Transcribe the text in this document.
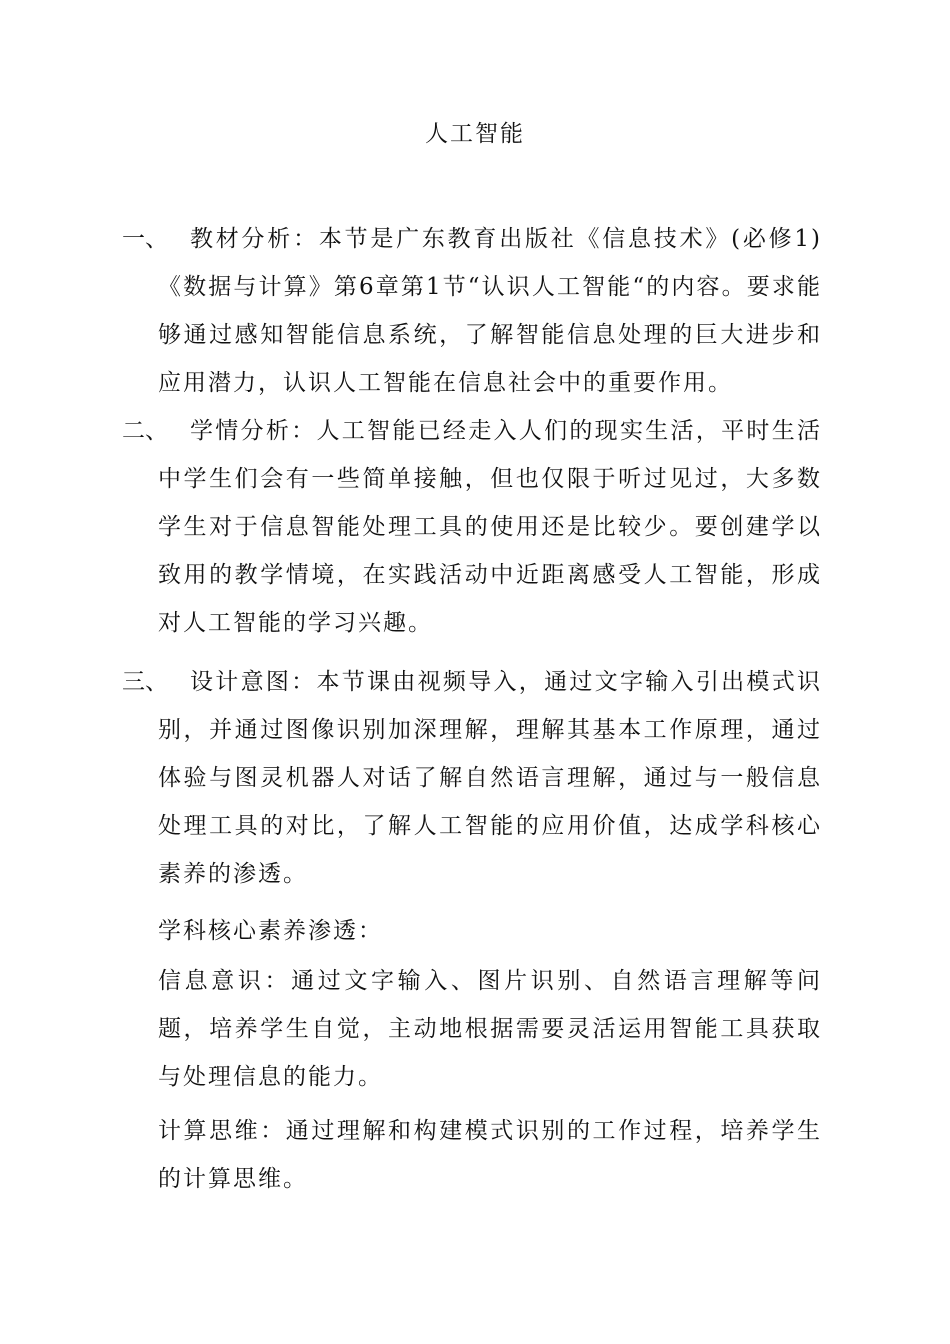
人工智能
一、 教材分析：本节是广东教育出版社《信息技术》(必修1)《数据与计算》第6章第1节“认识人工智能“的内容。要求能够通过感知智能信息系统，了解智能信息处理的巨大进步和应用潜力，认识人工智能在信息社会中的重要作用。
二、 学情分析：人工智能已经走入人们的现实生活，平时生活中学生们会有一些简单接触，但也仅限于听过见过，大多数学生对于信息智能处理工具的使用还是比较少。要创建学以致用的教学情境，在实践活动中近距离感受人工智能，形成对人工智能的学习兴趣。
三、 设计意图：本节课由视频导入，通过文字输入引出模式识别，并通过图像识别加深理解，理解其基本工作原理，通过体验与图灵机器人对话了解自然语言理解，通过与一般信息处理工具的对比，了解人工智能的应用价值，达成学科核心素养的渗透。
学科核心素养渗透：
信息意识：通过文字输入、图片识别、自然语言理解等问题，培养学生自觉，主动地根据需要灵活运用智能工具获取与处理信息的能力。
计算思维：通过理解和构建模式识别的工作过程，培养学生的计算思维。
